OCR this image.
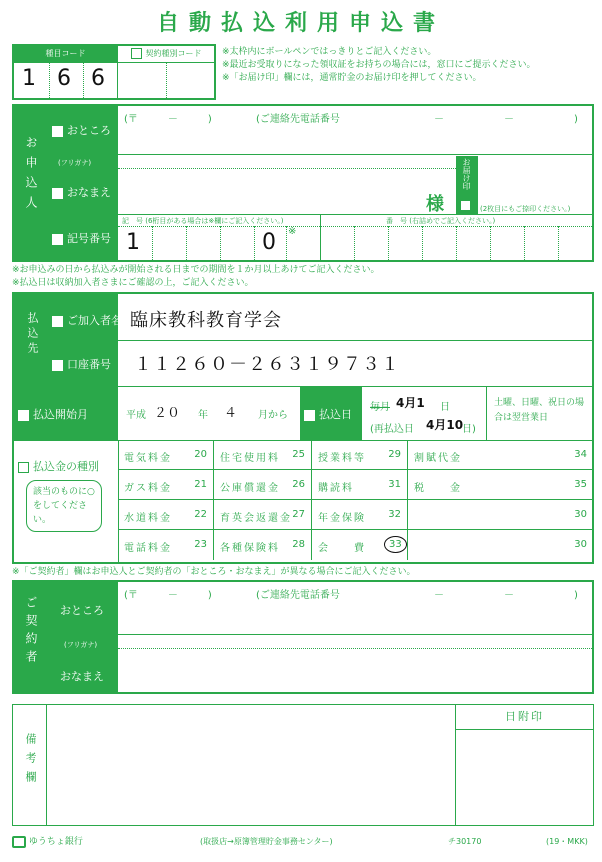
自動払込利用申込書
種目コード	契約種別コード
1 6 6
※太枠内にボールペンではっきりとご記入ください。
※最近お受取りになった領収証をお持ちの場合には，窓口にご提示ください。
※「お届け印」欄には，通常貯金のお届け印を押してください。
お申込人
おところ
(〒　　　－　　　)	(ご連絡先電話番号	－　　　　　　－　　　　　　)
(フリガナ)
おなまえ
様
お届け印
(2枚目にもご捺印ください。)
記号番号
記　号 (6桁目がある場合は※欄にご記入ください。)	番　号 (右詰めでご記入ください。)
1	0 ※
※お申込みの日から払込みが開始される日までの期間を１か月以上あけてご記入ください。
※払込日は収納加入者さまにご確認の上，ご記入ください。
払込先	ご加入者名 臨床教科教育学会
口座番号 １１２６０－２６３１９７３１
払込開始月	平成 ２０ 年 ４ 月から	払込日
毎月 4月1 日
(再払込日 4月10
日)
土曜、日曜、祝日の場合は翌営業日
払込金の種別
該当のものに○をしてください。
電気料金 20 住宅使用料 25 授業料等 29 割賦代金	34
ガス料金 21 公庫償還金 26 購読料	31 税　　金	35
水道料金 22 育英会返還金 27 年金保険 32	30
電話料金 23 各種保険料 28 会　　費	33	30
※「ご契約者」欄はお申込人とご契約者の「おところ・おなまえ」が異なる場合にご記入ください。
ご契約者 おところ
(〒　　　－　　　)	(ご連絡先電話番号	－　　　　　　－　　　　　　)
(フリガナ)
おなまえ
備考欄
日附印
ゆうちょ銀行	(取扱店→原簿管理貯金事務センター)	チ30170	(19・MKK)
